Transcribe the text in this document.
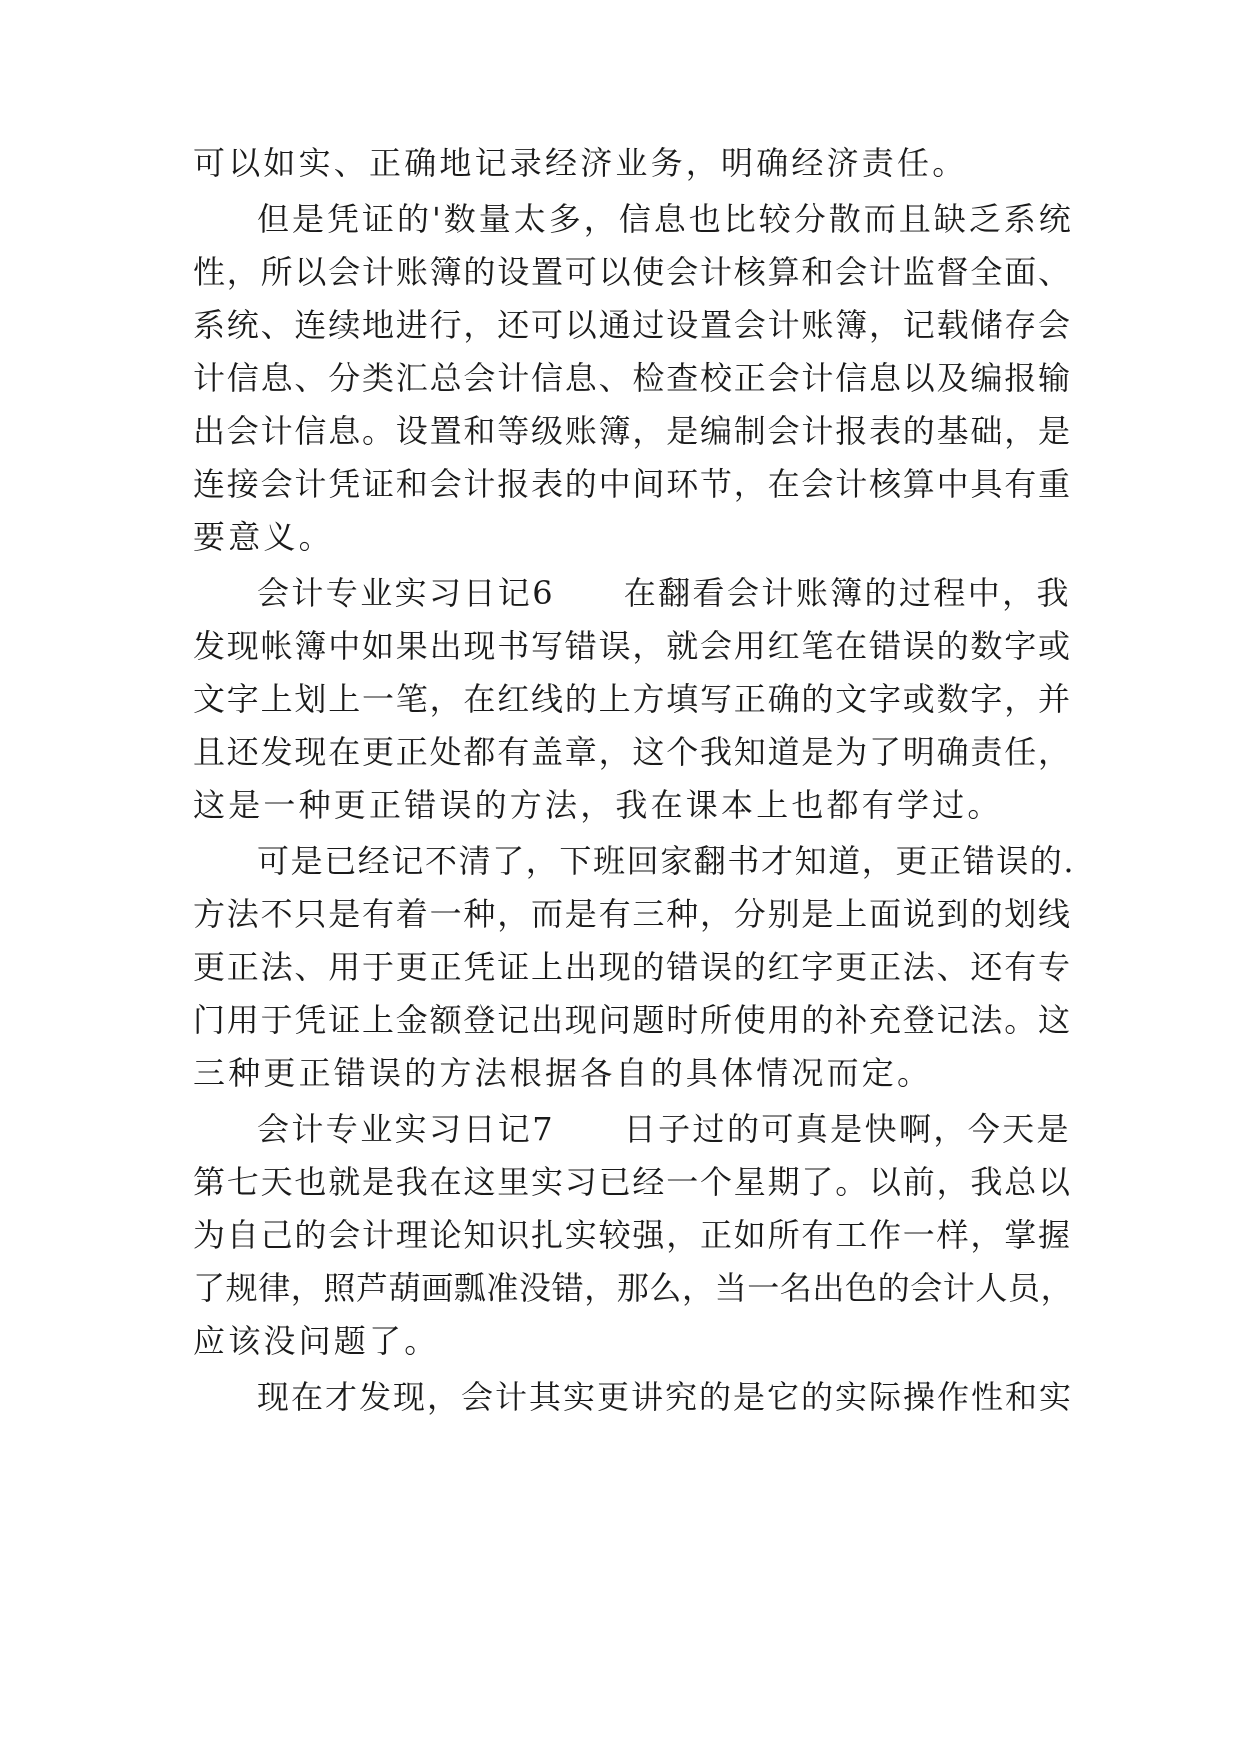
可以如实、正确地记录经济业务，明确经济责任。
但是凭证的'数量太多，信息也比较分散而且缺乏系统
性，所以会计账簿的设置可以使会计核算和会计监督全面、
系统、连续地进行，还可以通过设置会计账簿，记载储存会
计信息、分类汇总会计信息、检查校正会计信息以及编报输
出会计信息。设置和等级账簿，是编制会计报表的基础，是
连接会计凭证和会计报表的中间环节，在会计核算中具有重
要意义。
会计专业实习日记6　　在翻看会计账簿的过程中，我
发现帐簿中如果出现书写错误，就会用红笔在错误的数字或
文字上划上一笔，在红线的上方填写正确的文字或数字，并
且还发现在更正处都有盖章，这个我知道是为了明确责任，
这是一种更正错误的方法，我在课本上也都有学过。
可是已经记不清了，下班回家翻书才知道，更正错误的.
方法不只是有着一种，而是有三种，分别是上面说到的划线
更正法、用于更正凭证上出现的错误的红字更正法、还有专
门用于凭证上金额登记出现问题时所使用的补充登记法。这
三种更正错误的方法根据各自的具体情况而定。
会计专业实习日记7　　日子过的可真是快啊，今天是
第七天也就是我在这里实习已经一个星期了。以前，我总以
为自己的会计理论知识扎实较强，正如所有工作一样，掌握
了规律，照芦葫画瓢准没错，那么，当一名出色的会计人员，
应该没问题了。
现在才发现，会计其实更讲究的是它的实际操作性和实
